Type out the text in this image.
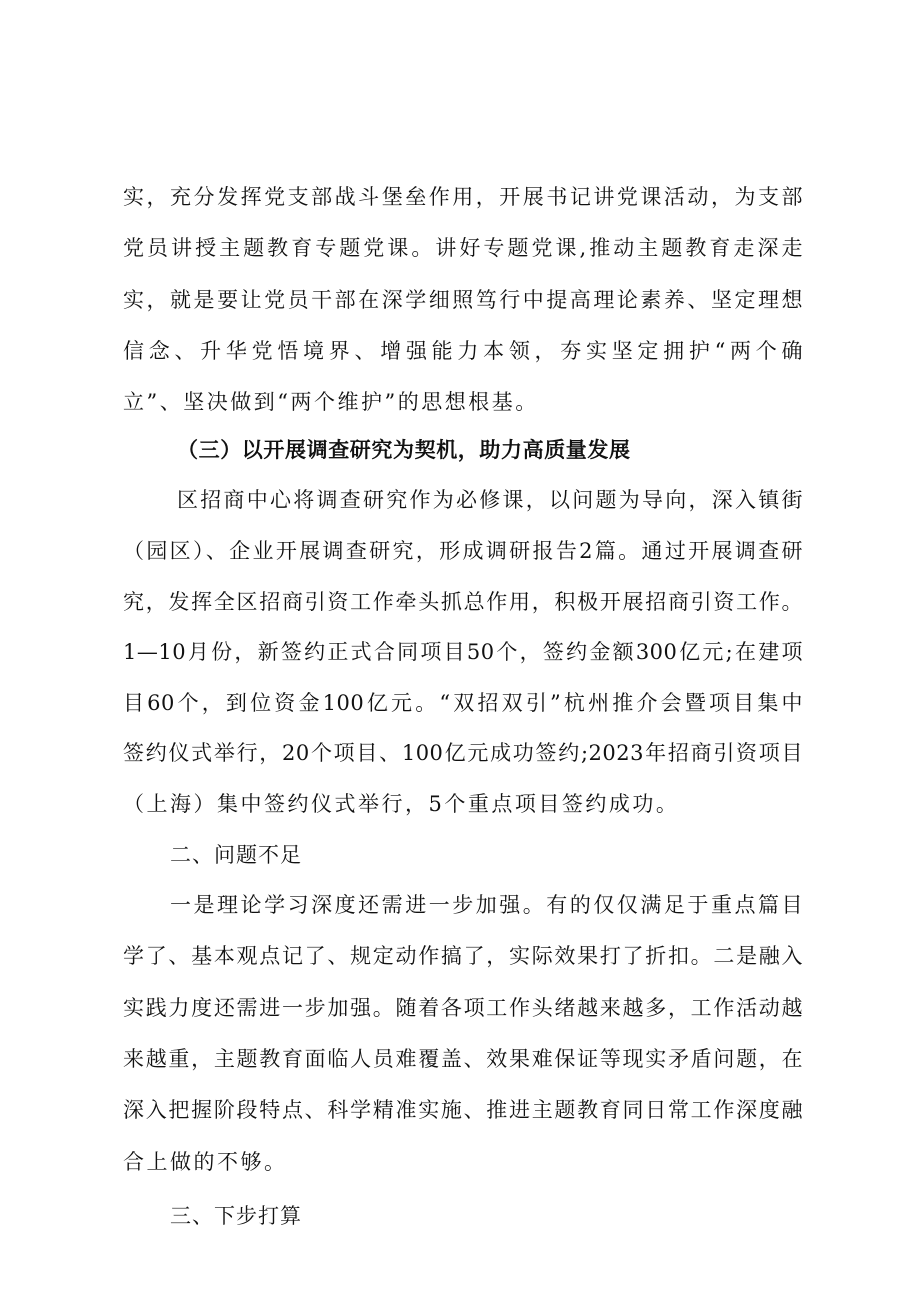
实，充分发挥党支部战斗堡垒作用，开展书记讲党课活动，为支部

党员讲授主题教育专题党课。讲好专题党课,推动主题教育走深走

实，就是要让党员干部在深学细照笃行中提高理论素养、坚定理想

信念、升华党悟境界、增强能力本领，夯实坚定拥护“两个确

立”、坚决做到“两个维护”的思想根基。

（三）以开展调查研究为契机，助力高质量发展

区招商中心将调查研究作为必修课，以问题为导向，深入镇街

（园区）、企业开展调查研究，形成调研报告2篇。通过开展调查研

究，发挥全区招商引资工作牵头抓总作用，积极开展招商引资工作。

1—10月份，新签约正式合同项目50个，签约金额300亿元;在建项

目60个，到位资金100亿元。“双招双引”杭州推介会暨项目集中

签约仪式举行，20个项目、100亿元成功签约;2023年招商引资项目

（上海）集中签约仪式举行，5个重点项目签约成功。

二、问题不足

一是理论学习深度还需进一步加强。有的仅仅满足于重点篇目

学了、基本观点记了、规定动作搞了，实际效果打了折扣。二是融入

实践力度还需进一步加强。随着各项工作头绪越来越多，工作活动越

来越重，主题教育面临人员难覆盖、效果难保证等现实矛盾问题，在

深入把握阶段特点、科学精准实施、推进主题教育同日常工作深度融

合上做的不够。

三、下步打算
